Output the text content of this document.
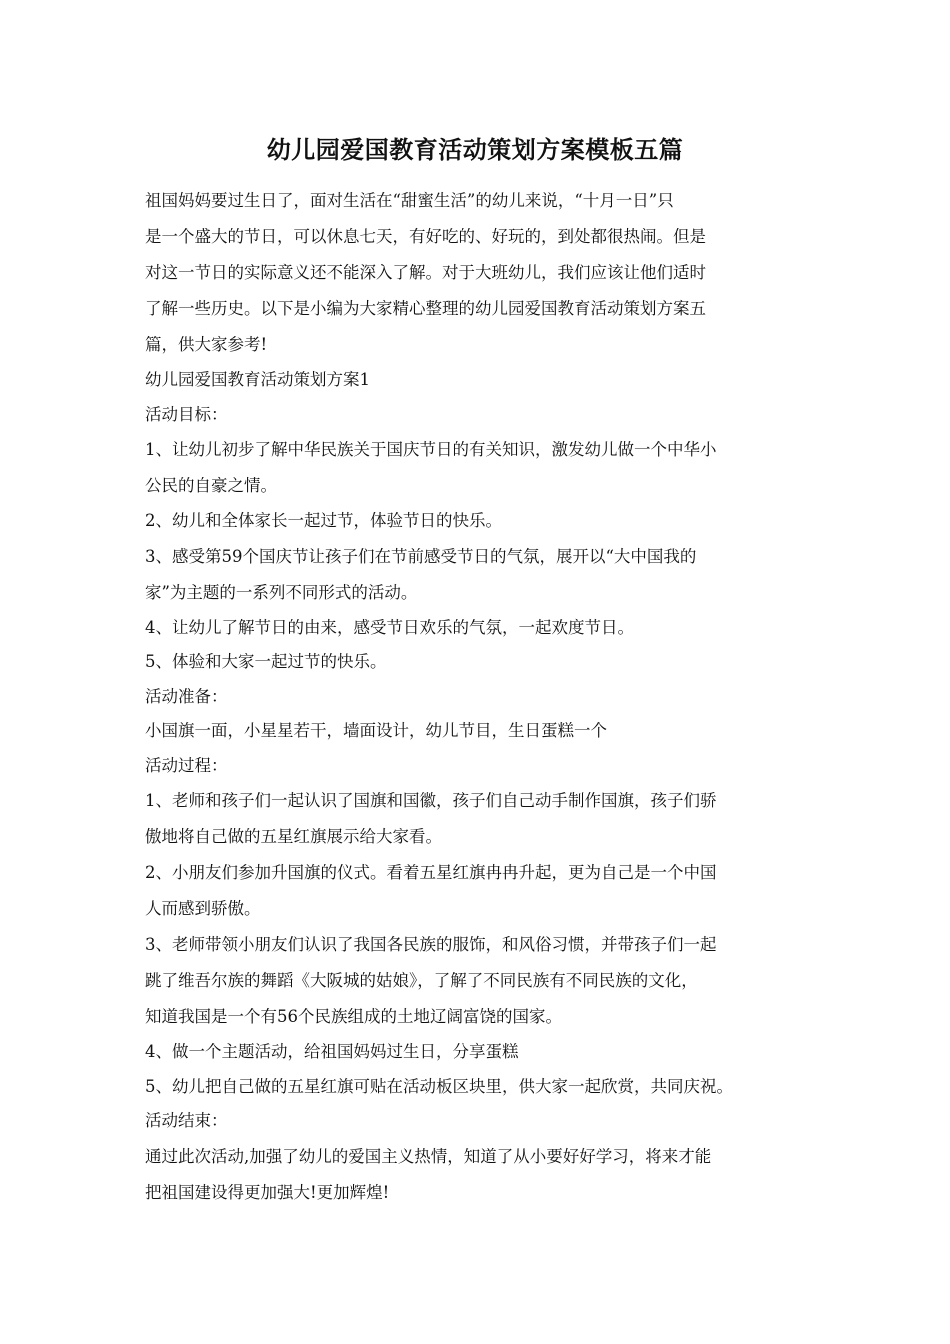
幼儿园爱国教育活动策划方案模板五篇

祖国妈妈要过生日了，面对生活在“甜蜜生活”的幼儿来说，“十月一日”只

是一个盛大的节日，可以休息七天，有好吃的、好玩的，到处都很热闹。但是

对这一节日的实际意义还不能深入了解。对于大班幼儿，我们应该让他们适时

了解一些历史。以下是小编为大家精心整理的幼儿园爱国教育活动策划方案五

篇，供大家参考!

幼儿园爱国教育活动策划方案1

活动目标：

1、让幼儿初步了解中华民族关于国庆节日的有关知识，激发幼儿做一个中华小

公民的自豪之情。

2、幼儿和全体家长一起过节，体验节日的快乐。

3、感受第59个国庆节让孩子们在节前感受节日的气氛，展开以“大中国我的

家”为主题的一系列不同形式的活动。

4、让幼儿了解节日的由来，感受节日欢乐的气氛，一起欢度节日。

5、体验和大家一起过节的快乐。

活动准备：

小国旗一面，小星星若干，墙面设计，幼儿节目，生日蛋糕一个

活动过程：

1、老师和孩子们一起认识了国旗和国徽，孩子们自己动手制作国旗，孩子们骄

傲地将自己做的五星红旗展示给大家看。

2、小朋友们参加升国旗的仪式。看着五星红旗冉冉升起，更为自己是一个中国

人而感到骄傲。

3、老师带领小朋友们认识了我国各民族的服饰，和风俗习惯，并带孩子们一起

跳了维吾尔族的舞蹈《大阪城的姑娘》，了解了不同民族有不同民族的文化，

知道我国是一个有56个民族组成的土地辽阔富饶的国家。

4、做一个主题活动，给祖国妈妈过生日，分享蛋糕

5、幼儿把自己做的五星红旗可贴在活动板区块里，供大家一起欣赏，共同庆祝。

活动结束：

通过此次活动,加强了幼儿的爱国主义热情，知道了从小要好好学习，将来才能

把祖国建设得更加强大!更加辉煌!
